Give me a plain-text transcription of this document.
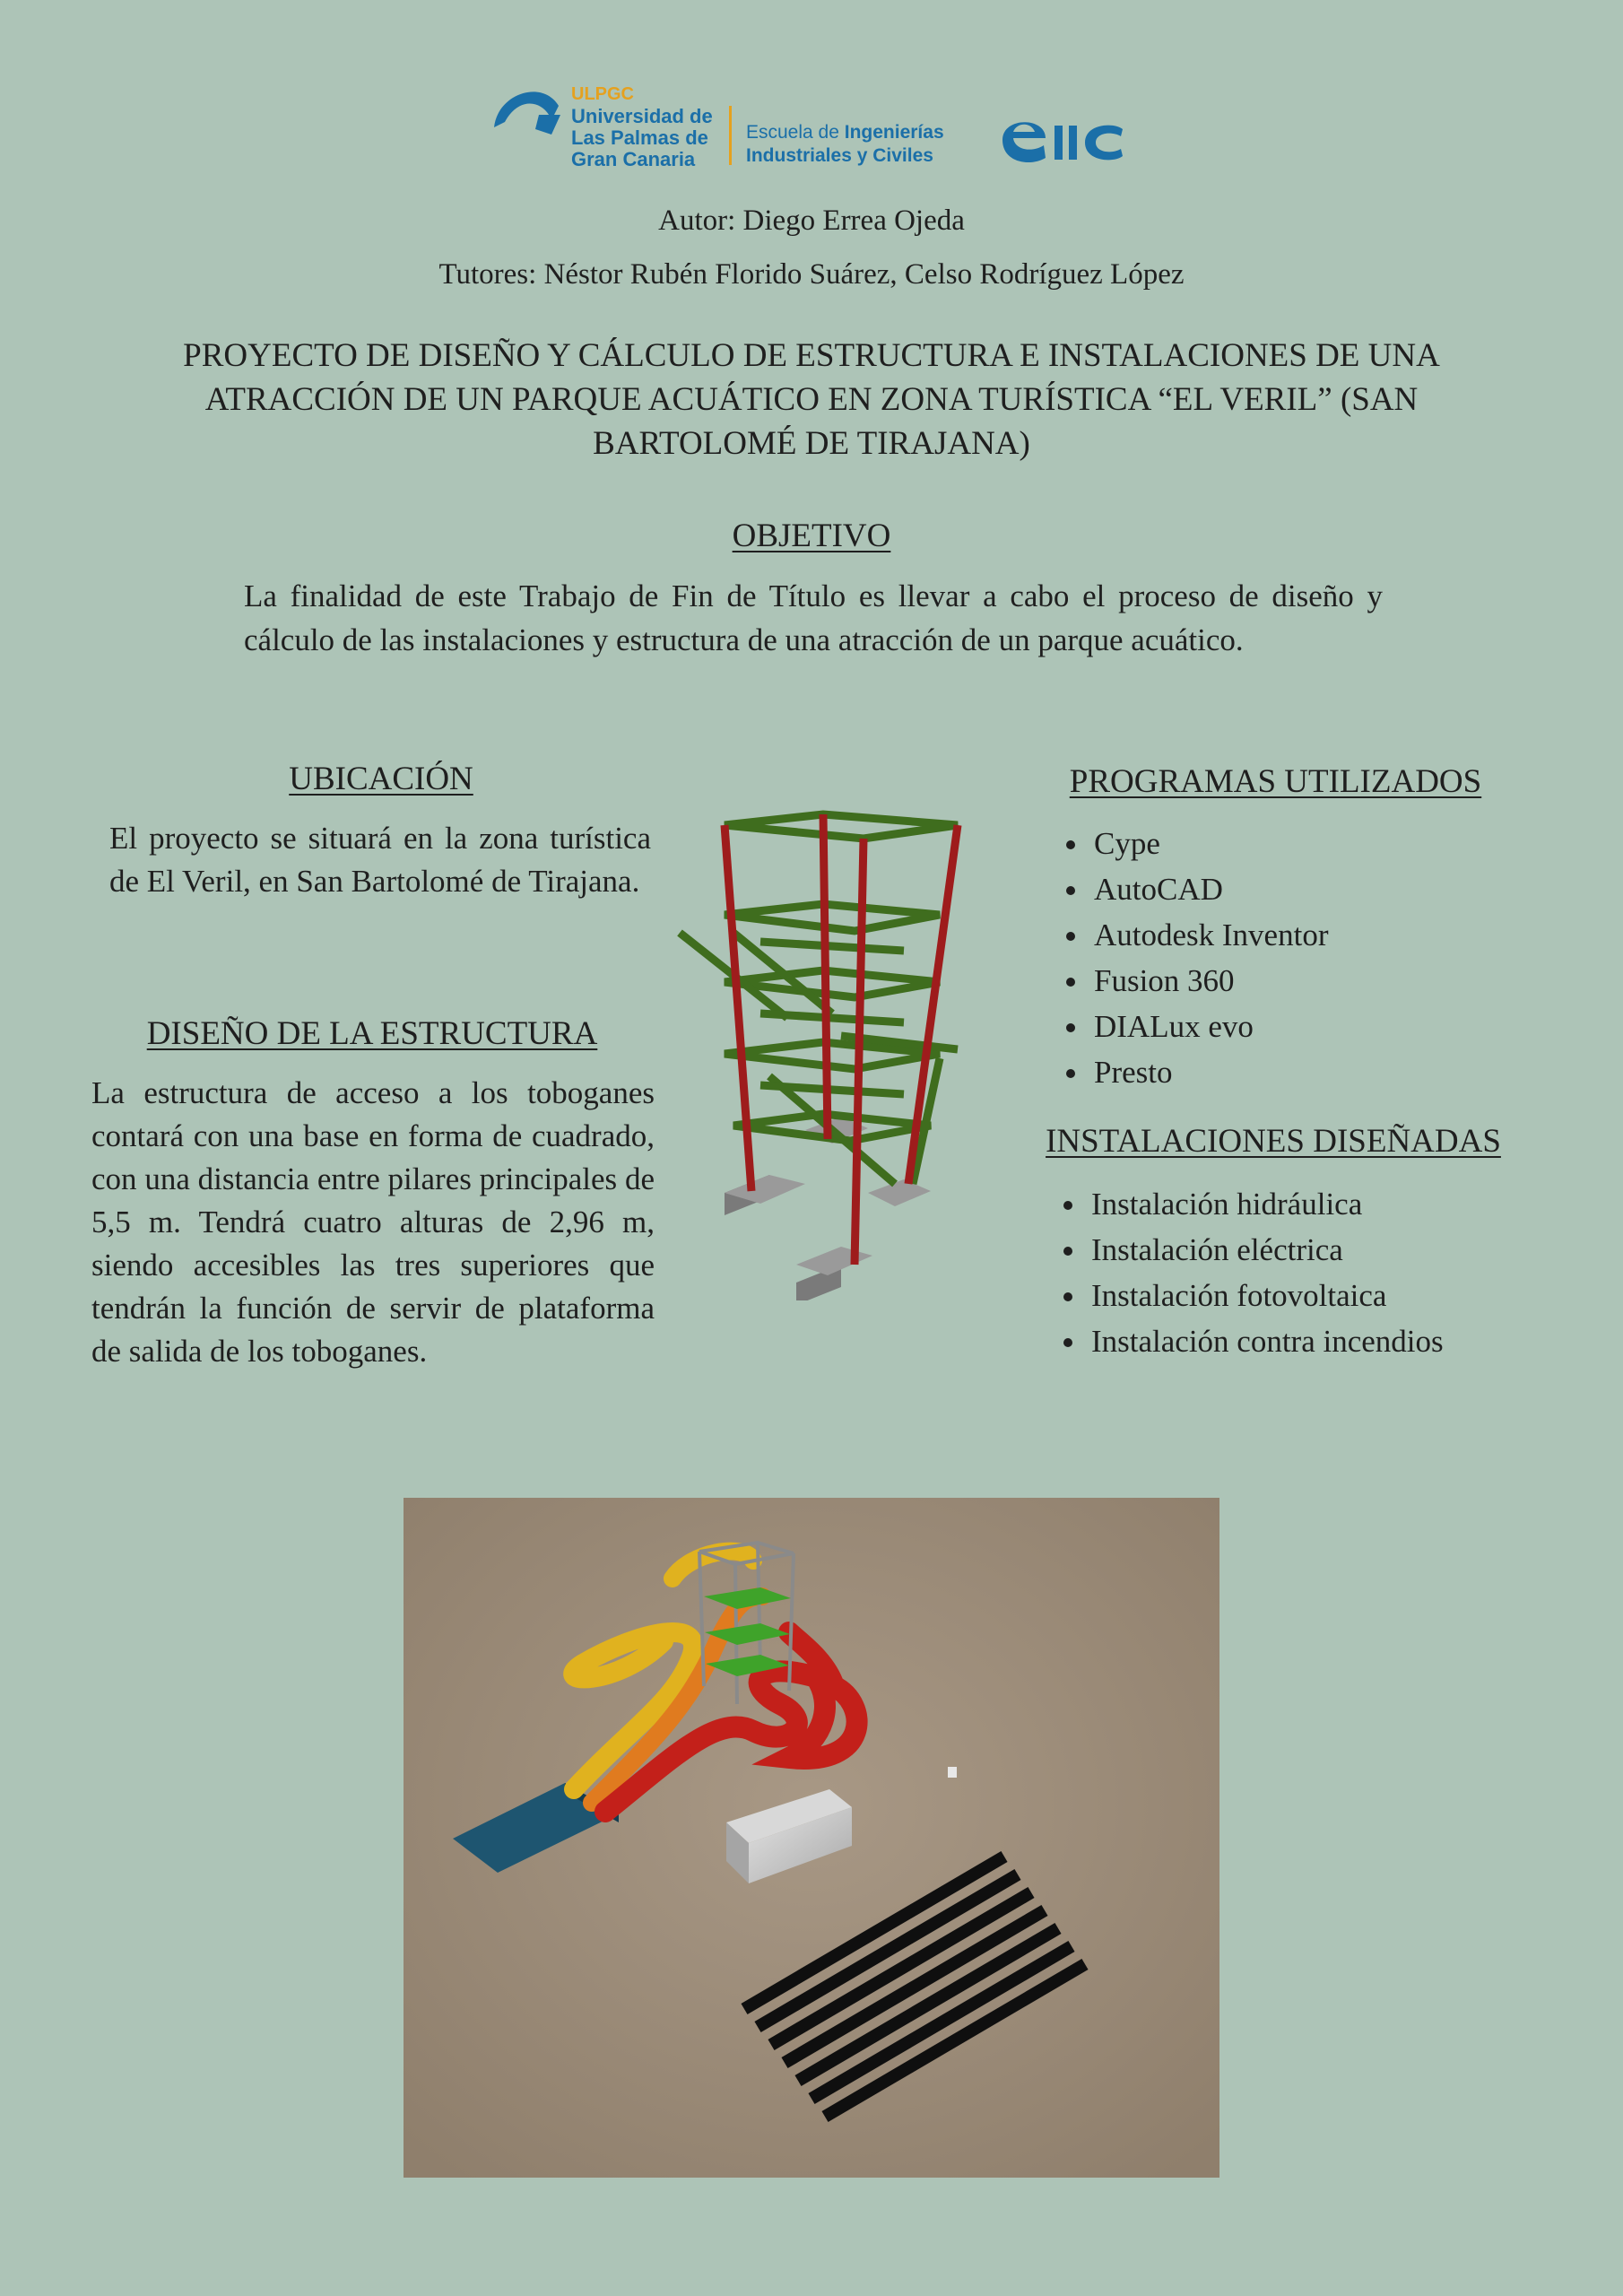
ULPGC
Universidad de
Las Palmas de
Gran Canaria
Escuela de Ingenierías
Industriales y Civiles
Autor: Diego Errea Ojeda
Tutores: Néstor Rubén Florido Suárez, Celso Rodríguez López
PROYECTO DE DISEÑO Y CÁLCULO DE ESTRUCTURA E INSTALACIONES DE UNA ATRACCIÓN DE UN PARQUE ACUÁTICO EN ZONA TURÍSTICA “EL VERIL” (SAN BARTOLOMÉ DE TIRAJANA)
OBJETIVO
La finalidad de este Trabajo de Fin de Título es llevar a cabo el proceso de diseño y cálculo de las instalaciones y estructura de una atracción de un parque acuático.
UBICACIÓN
El proyecto se situará en la zona turística de El Veril, en San Bartolomé de Tirajana.
DISEÑO DE LA ESTRUCTURA
La estructura de acceso a los toboganes contará con una base en forma de cuadrado, con una distancia entre pilares principales de 5,5 m. Tendrá cuatro alturas de 2,96 m, siendo accesibles las tres superiores que tendrán la función de servir de plataforma de salida de los toboganes.
PROGRAMAS UTILIZADOS
• Cype
• AutoCAD
• Autodesk Inventor
• Fusion 360
• DIALux evo
• Presto
INSTALACIONES DISEÑADAS
• Instalación hidráulica
• Instalación eléctrica
• Instalación fotovoltaica
• Instalación contra incendios
